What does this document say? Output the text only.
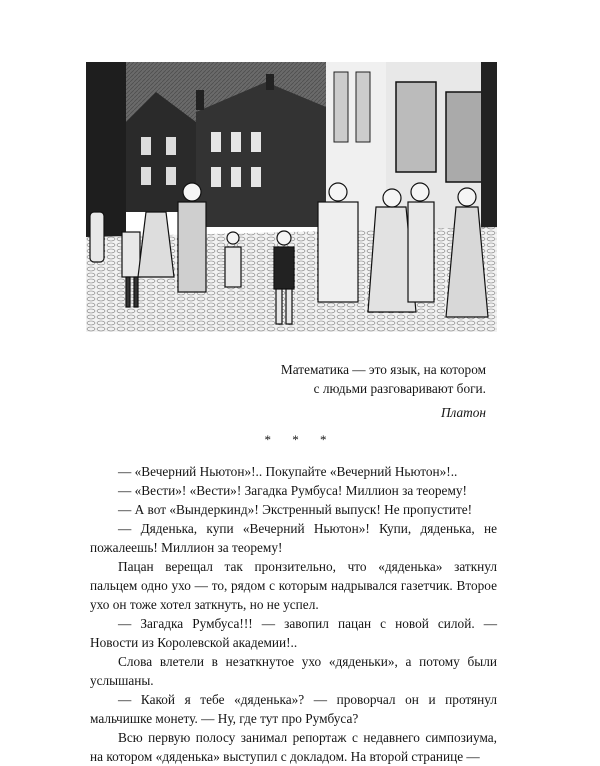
Математика — это язык, на котором

с людьми разговаривают боги.

Платон
* * *

— «Вечерний Ньютон»!.. Покупайте «Вечерний Ньютон»!..

— «Вести»! «Вести»! Загадка Румбуса! Миллион за теорему!

— А вот «Вындеркинд»! Экстренный выпуск! Не пропустите!

— Дяденька, купи «Вечерний Ньютон»! Купи, дяденька, не пожалеешь! Миллион за теорему!

Пацан верещал так пронзительно, что «дяденька» заткнул пальцем одно ухо — то, рядом с которым надрывался газетчик. Второе ухо он тоже хотел заткнуть, но не успел.

— Загадка Румбуса!!! — завопил пацан с новой силой. — Новости из Королевской академии!..

Слова влетели в незаткнутое ухо «дяденьки», а потому были услышаны.

— Какой я тебе «дяденька»? — проворчал он и протянул мальчишке монету. — Ну, где тут про Румбуса?

Всю первую полосу занимал репортаж с недавнего симпозиума, на котором «дяденька» выступил с докладом. На второй странице —
